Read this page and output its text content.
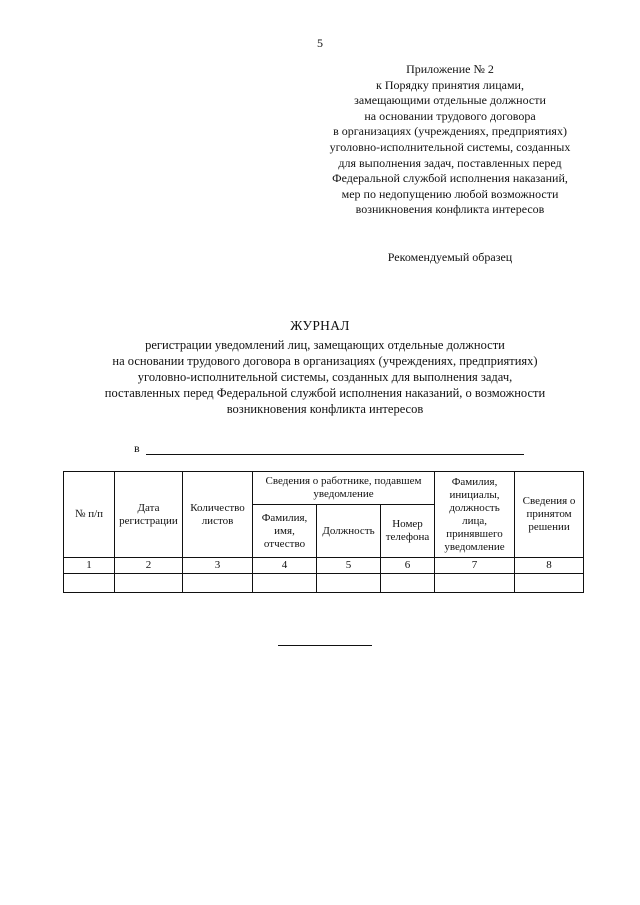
5
Приложение № 2
к Порядку принятия лицами,
замещающими отдельные должности
на основании трудового договора
в организациях (учреждениях, предприятиях)
уголовно-исполнительной системы, созданных
для выполнения задач, поставленных перед
Федеральной службой исполнения наказаний,
мер по недопущению любой возможности
возникновения конфликта интересов
Рекомендуемый образец
ЖУРНАЛ
регистрации уведомлений лиц, замещающих отдельные должности
на основании трудового договора в организациях (учреждениях, предприятиях)
уголовно-исполнительной системы, созданных для выполнения задач,
поставленных перед Федеральной службой исполнения наказаний, о возможности
возникновения конфликта интересов
в
№ п/п	Дата регистрации	Количество листов	Сведения о работнике, подавшем уведомление			Фамилия, инициалы, должность лица, принявшего уведомление	Сведения о принятом решении
			Фамилия, имя, отчество	Должность	Номер телефона		
1	2	3	4	5	6	7	8
